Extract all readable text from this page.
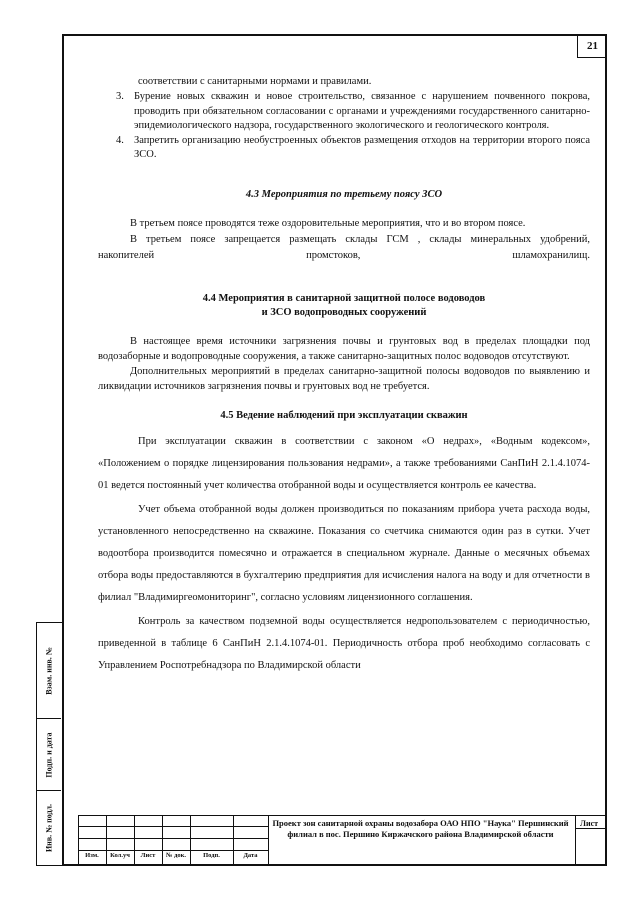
21
Взам. инв. №
Подп. и дата
Инв. № подл.

соответствии с санитарными нормами и правилами.

3. Бурение новых скважин и новое строительство, связанное с нарушением почвенного покрова, проводить при обязательном согласовании с органами и учреждениями государственного санитарно-эпидемиологического надзора, государственного экологического и геологического контроля.
4. Запретить организацию необустроенных объектов размещения отходов на территории второго пояса ЗСО.
4.3 Мероприятия по третьему поясу ЗСО

В третьем поясе проводятся теже оздоровительные мероприятия, что и во втором поясе.

В третьем поясе запрещается размещать склады ГСМ , склады минеральных удобрений, накопителей промстоков, шламохранилищ.

4.4 Мероприятия в санитарной защитной полосе водоводов
и ЗСО водопроводных сооружений

В настоящее время источники загрязнения почвы и грунтовых вод в пределах площадки под водозаборные и водопроводные сооружения, а также санитарно-защитных полос водоводов отсутствуют.

Дополнительных мероприятий в пределах санитарно-защитной полосы водоводов по выявлению и ликвидации источников загрязнения почвы и грунтовых вод не требуется.

4.5 Ведение наблюдений при эксплуатации скважин

При эксплуатации скважин в соответствии с законом «О недрах», «Водным кодексом», «Положением о порядке лицензирования пользования недрами», а также требованиями СанПиН 2.1.4.1074-01 ведется постоянный учет количества отобранной воды и осуществляется контроль ее качества.

Учет объема отобранной воды должен производиться по показаниям прибора учета расхода воды, установленного непосредственно на скважине. Показания со счетчика снимаются один раз в сутки. Учет водоотбора производится помесячно и отражается в специальном журнале. Данные о месячных объемах отбора воды предоставляются в бухгалтерию предприятия для исчисления налога на воду и для отчетности в филиал "Владимиргеомониторинг", согласно условиям лицензионного соглашения.

Контроль за качеством подземной воды осуществляется недропользователем с периодичностью, приведенной в таблице 6 СанПиН 2.1.4.1074-01. Периодичность отбора проб необходимо согласовать с Управлением Роспотребнадзора по Владимирской области

Изм.	Кол.уч	Лист	№ док.	Подп.	Дата
Проект зон санитарной охраны водозабора ОАО НПО "Наука" Першинский филиал в пос. Першино Киржачского района Владимирской области
Лист
